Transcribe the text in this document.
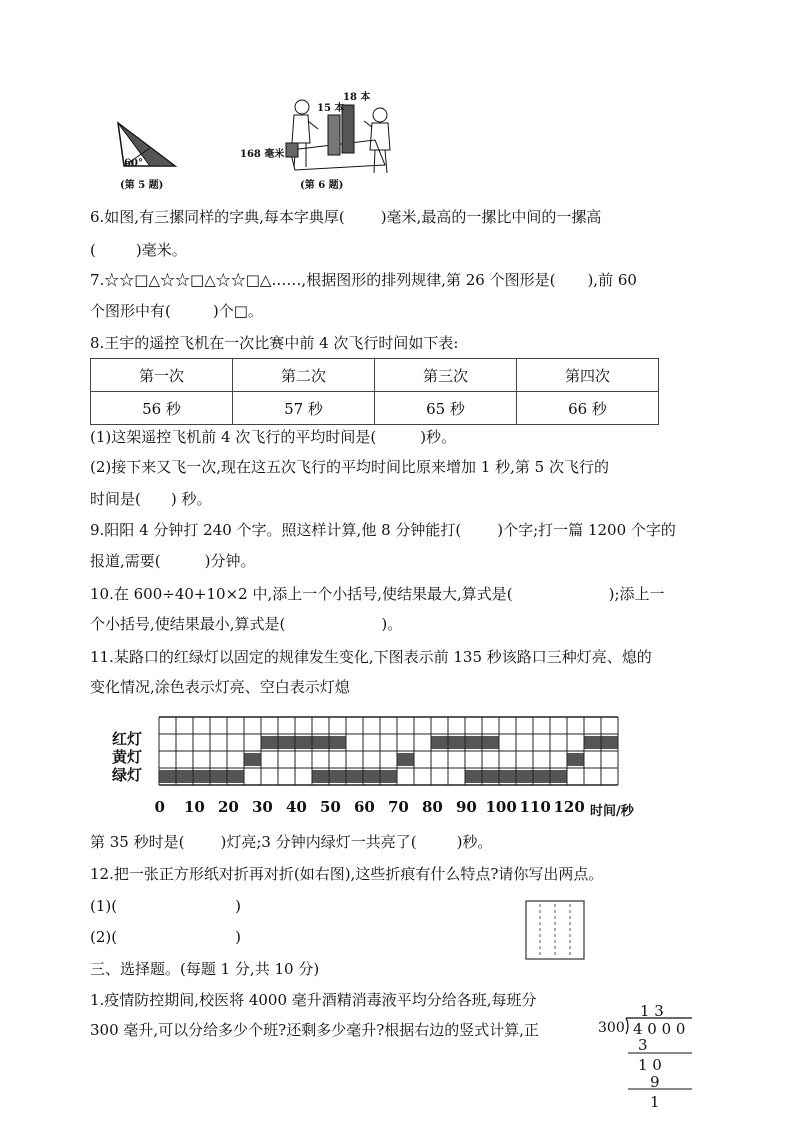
60°
(第 5 题)
18 本
15 本
168 毫米
(第 6 题)
6.如图,有三摞同样的字典,每本字典厚( )毫米,最高的一摞比中间的一摞高
(	)毫米。
7.☆☆□△☆☆□△☆☆□△……,根据图形的排列规律,第 26 个图形是( ),前 60
个图形中有(	)个□。
8.王宇的遥控飞机在一次比赛中前 4 次飞行时间如下表:
第一次	第二次	第三次	第四次
56 秒	57 秒	65 秒	66 秒
(1)这架遥控飞机前 4 次飞行的平均时间是(	)秒。
(2)接下来又飞一次,现在这五次飞行的平均时间比原来增加 1 秒,第 5 次飞行的
时间是( ) 秒。
9.阳阳 4 分钟打 240 个字。照这样计算,他 8 分钟能打( )个字;打一篇 1200 个字的
报道,需要(	)分钟。
10.在 600÷40+10×2 中,添上一个小括号,使结果最大,算式是(	);添上一
个小括号,使结果最小,算式是(	)。
11.某路口的红绿灯以固定的规律发生变化,下图表示前 135 秒该路口三种灯亮、熄的
变化情况,涂色表示灯亮、空白表示灯熄
红灯
黄灯
绿灯
0 10 20 30 40 50 60 70 80 90 100 110 120 时间/秒
第 35 秒时是( )灯亮;3 分钟内绿灯一共亮了(	)秒。
12.把一张正方形纸对折再对折(如右图),这些折痕有什么特点?请你写出两点。
(1)(	)
(2)(	)
三、选择题。(每题 1 分,共 10 分)
1.疫情防控期间,校医将 4000 毫升酒精消毒液平均分给各班,每班分
300 毫升,可以分给多少个班?还剩多少毫升?根据右边的竖式计算,正
1 3
300 4 0 0 0
3
1 0
9
1
